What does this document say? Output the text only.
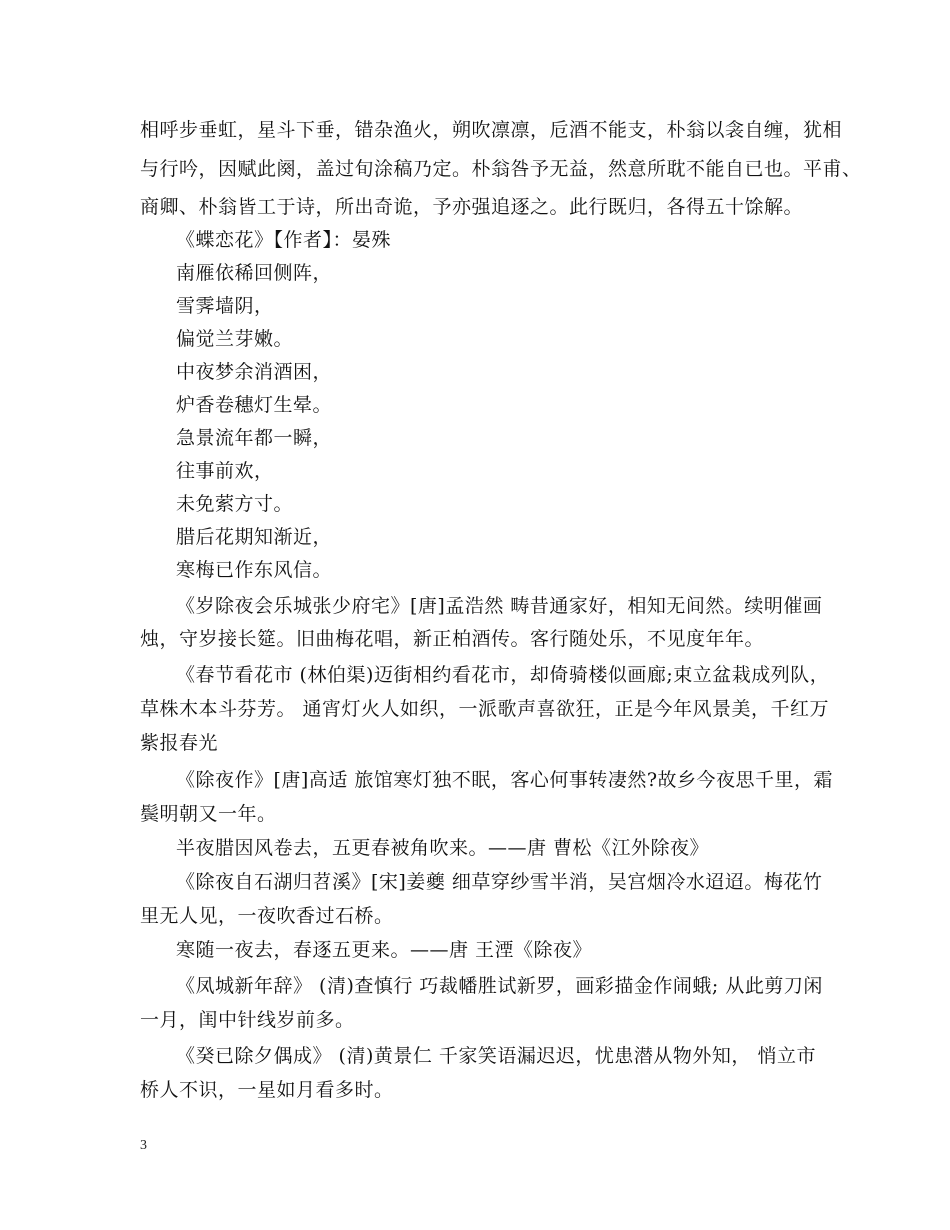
相呼步垂虹，星斗下垂，错杂渔火，朔吹凛凛，卮酒不能支，朴翁以衾自缠，犹相
与行吟，因赋此阕，盖过旬涂稿乃定。朴翁咎予无益，然意所耽不能自已也。平甫、
商卿、朴翁皆工于诗，所出奇诡，予亦强追逐之。此行既归，各得五十馀解。
《蝶恋花》【作者】：晏殊
南雁依稀回侧阵，
雪霁墙阴，
偏觉兰芽嫩。
中夜梦余消酒困，
炉香卷穗灯生晕。
急景流年都一瞬，
往事前欢，
未免萦方寸。
腊后花期知渐近，
寒梅已作东风信。
《岁除夜会乐城张少府宅》[唐]孟浩然 畴昔通家好，相知无间然。续明催画
烛，守岁接长筵。旧曲梅花唱，新正柏酒传。客行随处乐，不见度年年。
《春节看花市 (林伯渠)迈街相约看花市，却倚骑楼似画廊;束立盆栽成列队，
草株木本斗芬芳。 通宵灯火人如织，一派歌声喜欲狂，正是今年风景美，千红万
紫报春光
《除夜作》[唐]高适 旅馆寒灯独不眠，客心何事转凄然?故乡今夜思千里，霜
鬓明朝又一年。
半夜腊因风卷去，五更春被角吹来。——唐 曹松《江外除夜》
《除夜自石湖归苕溪》[宋]姜夔 细草穿纱雪半消，吴宫烟冷水迢迢。梅花竹
里无人见，一夜吹香过石桥。
寒随一夜去，春逐五更来。——唐 王湮《除夜》
《凤城新年辞》 (清)查慎行 巧裁幡胜试新罗，画彩描金作闹蛾; 从此剪刀闲
一月，闺中针线岁前多。
《癸已除夕偶成》 (清)黄景仁 千家笑语漏迟迟，忧患潜从物外知， 悄立市
桥人不识，一星如月看多时。
3
